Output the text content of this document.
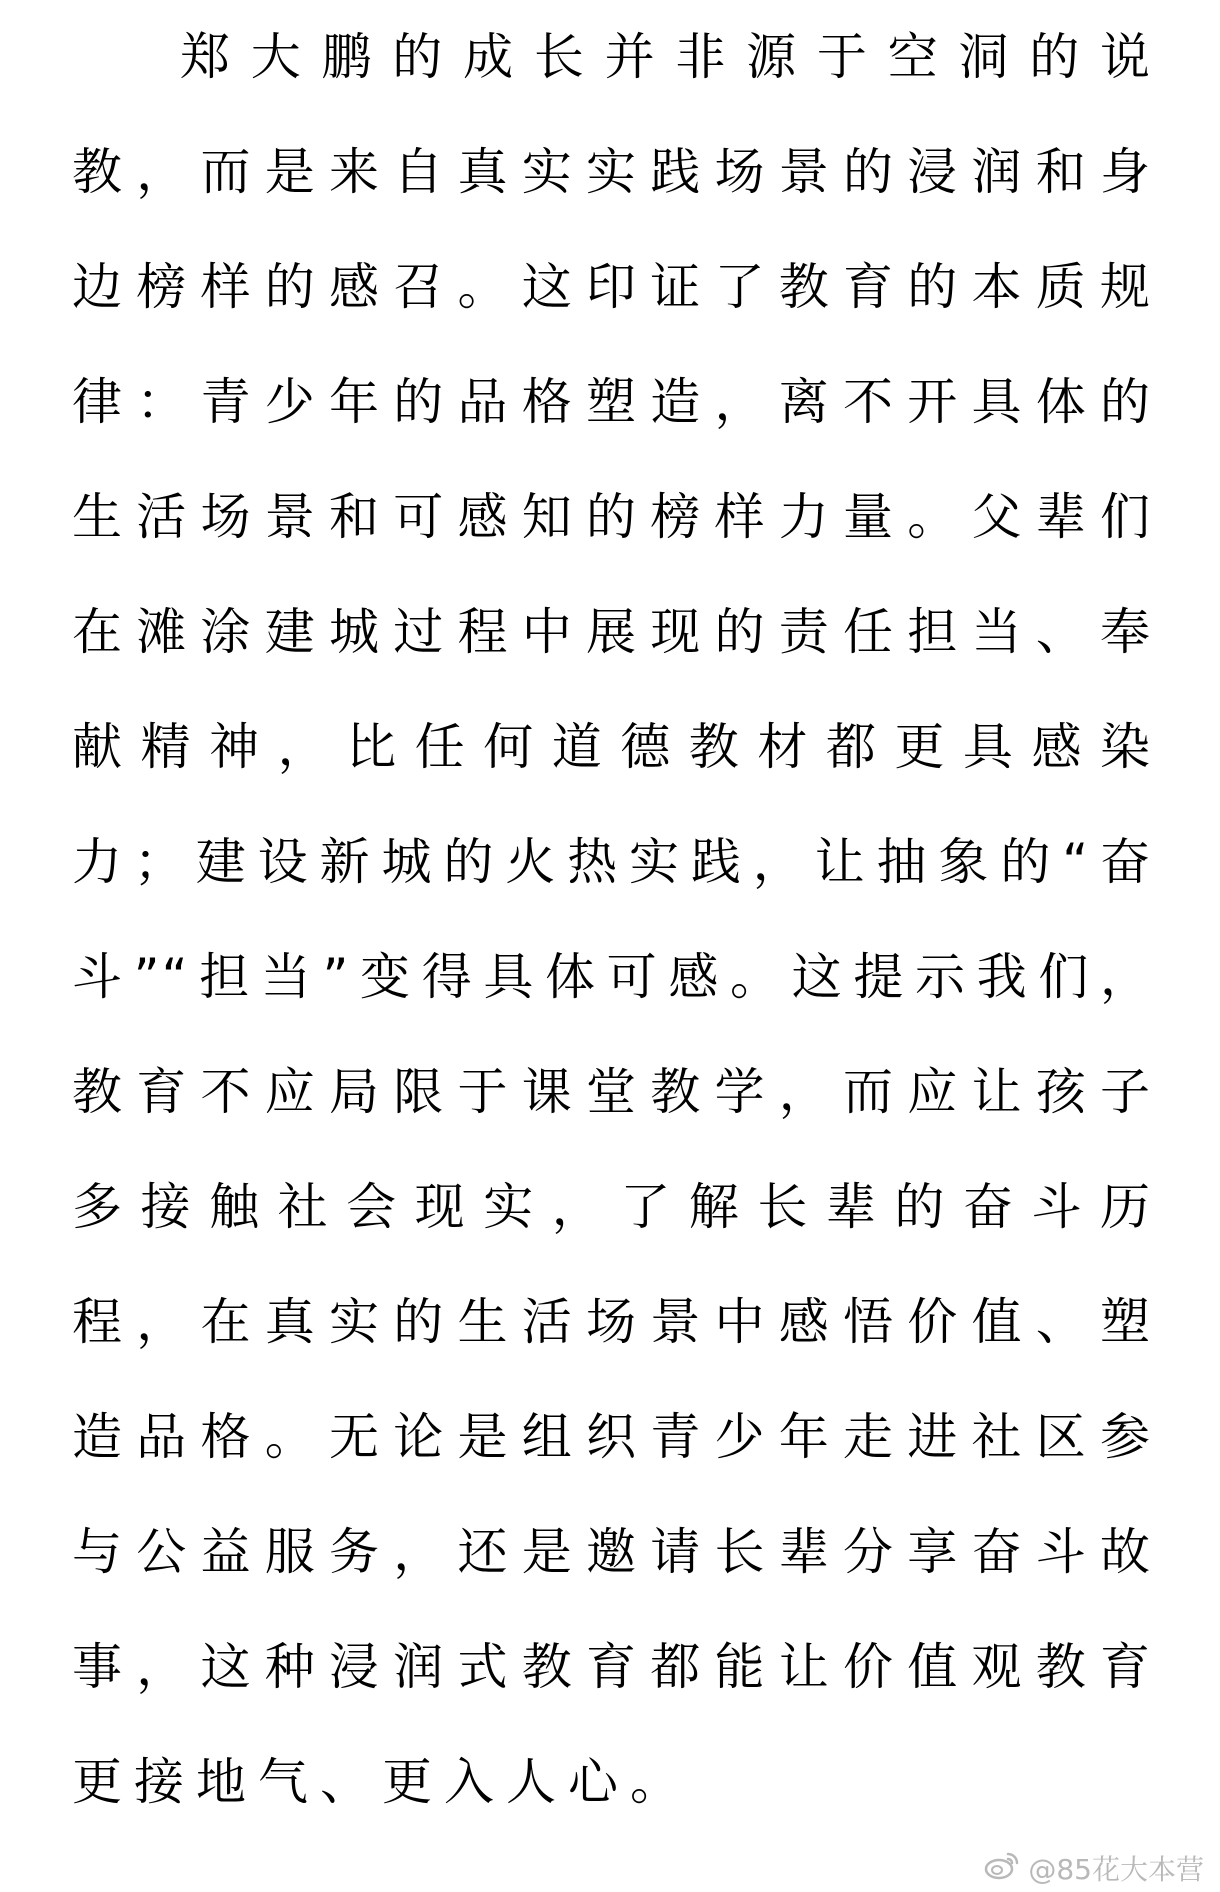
郑大鹏的成长并非源于空洞的说

教，而是来自真实实践场景的浸润和身

边榜样的感召。这印证了教育的本质规

律：青少年的品格塑造，离不开具体的

生活场景和可感知的榜样力量。父辈们

在滩涂建城过程中展现的责任担当、奉

献精神，比任何道德教材都更具感染

力；建设新城的火热实践，让抽象的“奋

斗”“担当”变得具体可感。这提示我们，

教育不应局限于课堂教学，而应让孩子

多接触社会现实，了解长辈的奋斗历

程，在真实的生活场景中感悟价值、塑

造品格。无论是组织青少年走进社区参

与公益服务，还是邀请长辈分享奋斗故

事，这种浸润式教育都能让价值观教育

更接地气、更入人心。

@85花大本营
